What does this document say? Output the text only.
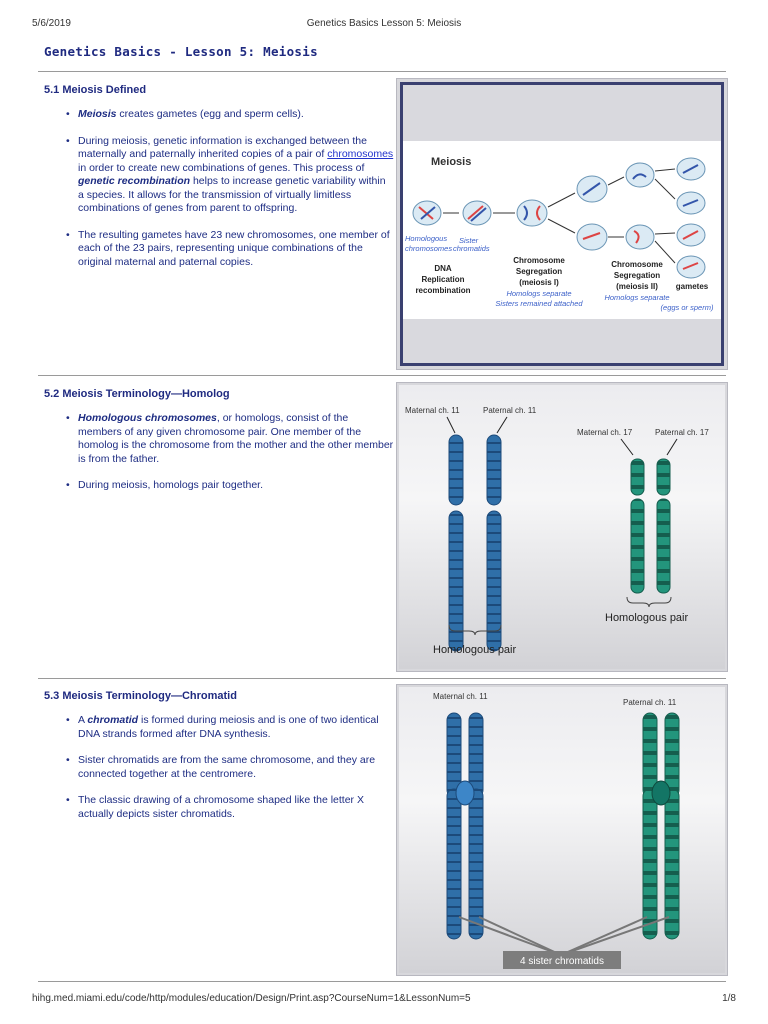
5/6/2019	Genetics Basics Lesson 5: Meiosis
Genetics Basics - Lesson 5: Meiosis
5.1 Meiosis Defined
• Meiosis creates gametes (egg and sperm cells).
• During meiosis, genetic information is exchanged between the maternally and paternally inherited copies of a pair of chromosomes in order to create new combinations of genes. This process of genetic recombination helps to increase genetic variability within a species. It allows for the transmission of virtually limitless combinations of genes from parent to offspring.
• The resulting gametes have 23 new chromosomes, one member of each of the 23 pairs, representing unique combinations of the original maternal and paternal copies.
Meiosis
Homologous Sister
chromosomes chromatids
DNA
Replication
recombination
Chromosome
Segregation
(meiosis I)
Homologs separate
Sisters remained attached
Chromosome
Segregation
(meiosis II)
Homologs separate
gametes
(eggs or sperm)
5.2 Meiosis Terminology—Homolog
• Homologous chromosomes, or homologs, consist of the members of any given chromosome pair. One member of the homolog is the chromosome from the mother and the other member is from the father.
• During meiosis, homologs pair together.
Maternal ch. 11	Paternal ch. 11
Maternal ch. 17	Paternal ch. 17
Homologous pair
Homologous pair
5.3 Meiosis Terminology—Chromatid
• A chromatid is formed during meiosis and is one of two identical DNA strands formed after DNA synthesis.
• Sister chromatids are from the same chromosome, and they are connected together at the centromere.
• The classic drawing of a chromosome shaped like the letter X actually depicts sister chromatids.
Maternal ch. 11
Paternal ch. 11
4 sister chromatids
hihg.med.miami.edu/code/http/modules/education/Design/Print.asp?CourseNum=1&LessonNum=5	1/8
